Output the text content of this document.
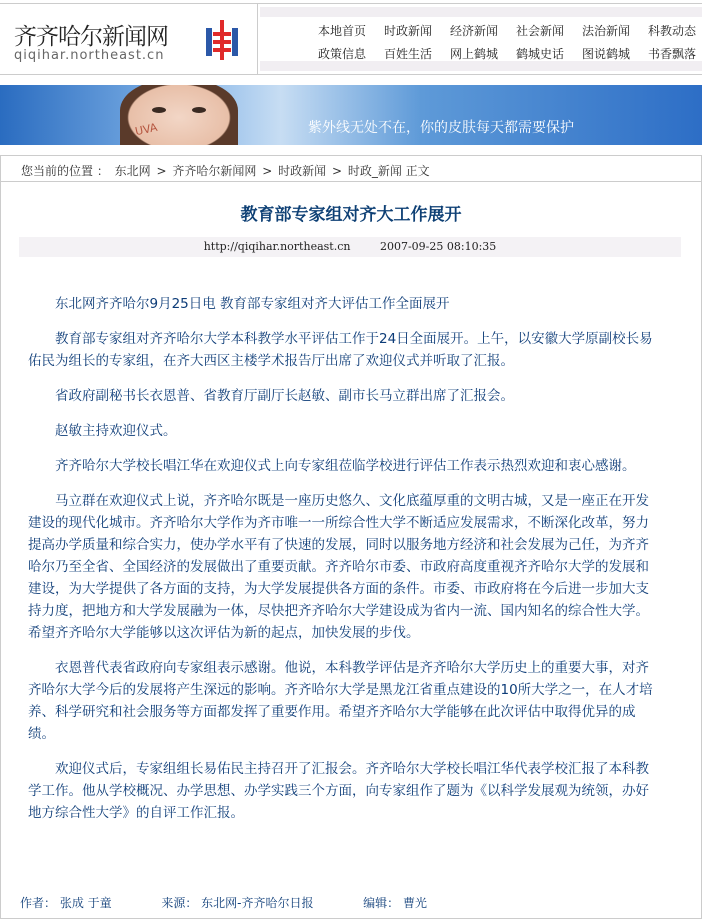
齐齐哈尔新闻网
qiqihar.northeast.cn
本地首页	时政新闻	经济新闻	社会新闻	法治新闻	科教动态
政策信息	百姓生活	网上鹤城	鹤城史话	图说鹤城	书香飘落
UVA	紫外线无处不在，你的皮肤每天都需要保护
您当前的位置 ： 东北网 > 齐齐哈尔新闻网 > 时政新闻 > 时政_新闻 正文
教育部专家组对齐大工作展开
http://qiqihar.northeast.cn	2007-09-25 08:10:35

东北网齐齐哈尔9月25日电 教育部专家组对齐大评估工作全面展开

教育部专家组对齐齐哈尔大学本科教学水平评估工作于24日全面展开。上午，以安徽大学原副校长易佑民为组长的专家组，在齐大西区主楼学术报告厅出席了欢迎仪式并听取了汇报。

省政府副秘书长衣恩普、省教育厅副厅长赵敏、副市长马立群出席了汇报会。

赵敏主持欢迎仪式。

齐齐哈尔大学校长唱江华在欢迎仪式上向专家组莅临学校进行评估工作表示热烈欢迎和衷心感谢。

马立群在欢迎仪式上说，齐齐哈尔既是一座历史悠久、文化底蕴厚重的文明古城，又是一座正在开发建设的现代化城市。齐齐哈尔大学作为齐市唯一一所综合性大学不断适应发展需求，不断深化改革，努力提高办学质量和综合实力，使办学水平有了快速的发展，同时以服务地方经济和社会发展为己任，为齐齐哈尔乃至全省、全国经济的发展做出了重要贡献。齐齐哈尔市委、市政府高度重视齐齐哈尔大学的发展和建设，为大学提供了各方面的支持，为大学发展提供各方面的条件。市委、市政府将在今后进一步加大支持力度，把地方和大学发展融为一体，尽快把齐齐哈尔大学建设成为省内一流、国内知名的综合性大学。希望齐齐哈尔大学能够以这次评估为新的起点，加快发展的步伐。

衣恩普代表省政府向专家组表示感谢。他说，本科教学评估是齐齐哈尔大学历史上的重要大事，对齐齐哈尔大学今后的发展将产生深远的影响。齐齐哈尔大学是黑龙江省重点建设的10所大学之一，在人才培养、科学研究和社会服务等方面都发挥了重要作用。希望齐齐哈尔大学能够在此次评估中取得优异的成绩。

欢迎仪式后，专家组组长易佑民主持召开了汇报会。齐齐哈尔大学校长唱江华代表学校汇报了本科教学工作。他从学校概况、办学思想、办学实践三个方面，向专家组作了题为《以科学发展观为统领，办好地方综合性大学》的自评工作汇报。

作者： 张成 于童	来源： 东北网-齐齐哈尔日报	编辑： 曹光
